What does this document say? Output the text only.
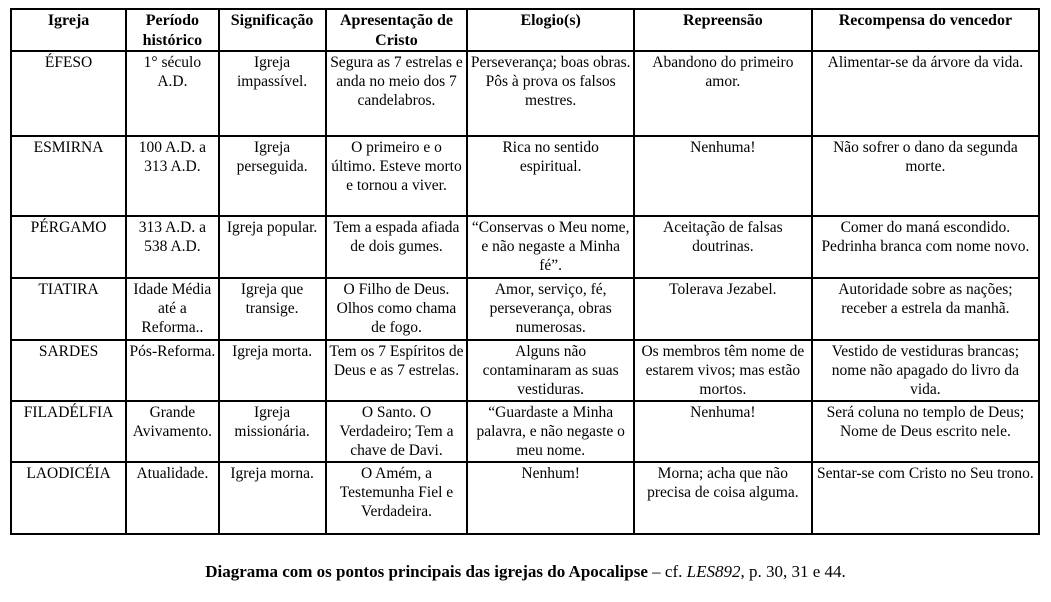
Igreja	Período histórico	Significação	Apresentação de Cristo	Elogio(s)	Repreensão	Recompensa do vencedor
ÉFESO	1° século A.D.	Igreja impassível.	Segura as 7 estrelas e anda no meio dos 7 candelabros.	Perseverança; boas obras. Pôs à prova os falsos mestres.	Abandono do primeiro amor.	Alimentar-se da árvore da vida.
ESMIRNA	100 A.D. a 313 A.D.	Igreja perseguida.	O primeiro e o último. Esteve morto e tornou a viver.	Rica no sentido espiritual.	Nenhuma!	Não sofrer o dano da segunda morte.
PÉRGAMO	313 A.D. a 538 A.D.	Igreja popular.	Tem a espada afiada de dois gumes.	“Conservas o Meu nome, e não negaste a Minha fé”.	Aceitação de falsas doutrinas.	Comer do maná escondido. Pedrinha branca com nome novo.
TIATIRA	Idade Média até a Reforma..	Igreja que transige.	O Filho de Deus. Olhos como chama de fogo.	Amor, serviço, fé, perseverança, obras numerosas.	Tolerava Jezabel.	Autoridade sobre as nações; receber a estrela da manhã.
SARDES	Pós-Reforma.	Igreja morta.	Tem os 7 Espíritos de Deus e as 7 estrelas.	Alguns não contaminaram as suas vestiduras.	Os membros têm nome de estarem vivos; mas estão mortos.	Vestido de vestiduras brancas; nome não apagado do livro da vida.
FILADÉLFIA	Grande Avivamento.	Igreja missionária.	O Santo. O Verdadeiro; Tem a chave de Davi.	“Guardaste a Minha palavra, e não negaste o meu nome.	Nenhuma!	Será coluna no templo de Deus; Nome de Deus escrito nele.
LAODICÉIA	Atualidade.	Igreja morna.	O Amém, a Testemunha Fiel e Verdadeira.	Nenhum!	Morna; acha que não precisa de coisa alguma.	Sentar-se com Cristo no Seu trono.
Diagrama com os pontos principais das igrejas do Apocalipse – cf. LES892, p. 30, 31 e 44.
